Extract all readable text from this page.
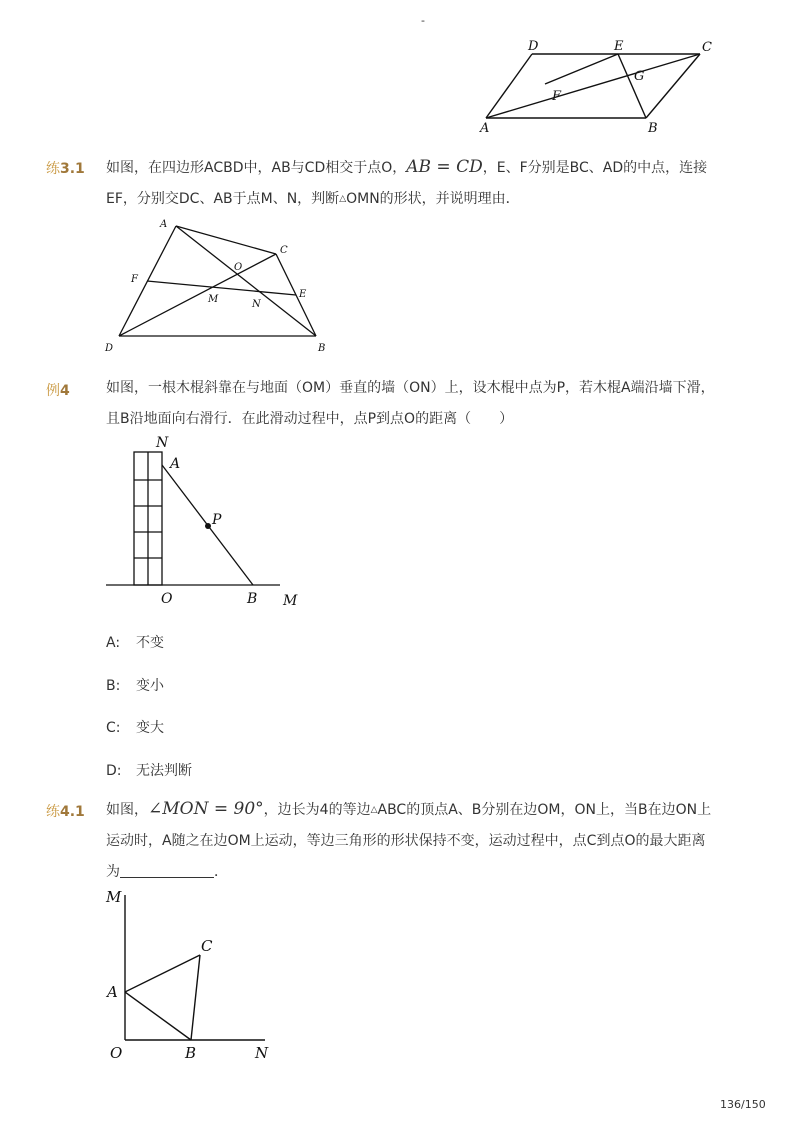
-
D	E	C
F
G
A	B
练3.1 如图，在四边形ACBD中，AB与CD相交于点O，AB = CD，E、F分别是BC、AD的中点，连接EF，分别交DC、AB于点M、N，判断△OMN的形状，并说明理由．
A
C
O
F
E
M	N
D	B
例4	如图，一根木棍斜靠在与地面（OM）垂直的墙（ON）上，设木棍中点为P，若木棍A端沿墙下滑，且B沿地面向右滑行．在此滑动过程中，点P到点O的距离（　　）
N
A
P
O	B M
A: 不变
B: 变小
C: 变大
D: 无法判断
练4.1 如图，∠MON = 90°，边长为4的等边△ABC的顶点A、B分别在边OM，ON上，当B在边ON上运动时，A随之在边OM上运动，等边三角形的形状保持不变，运动过程中，点C到点O的最大距离为	．
M
C
A
O	B	N
136/150
